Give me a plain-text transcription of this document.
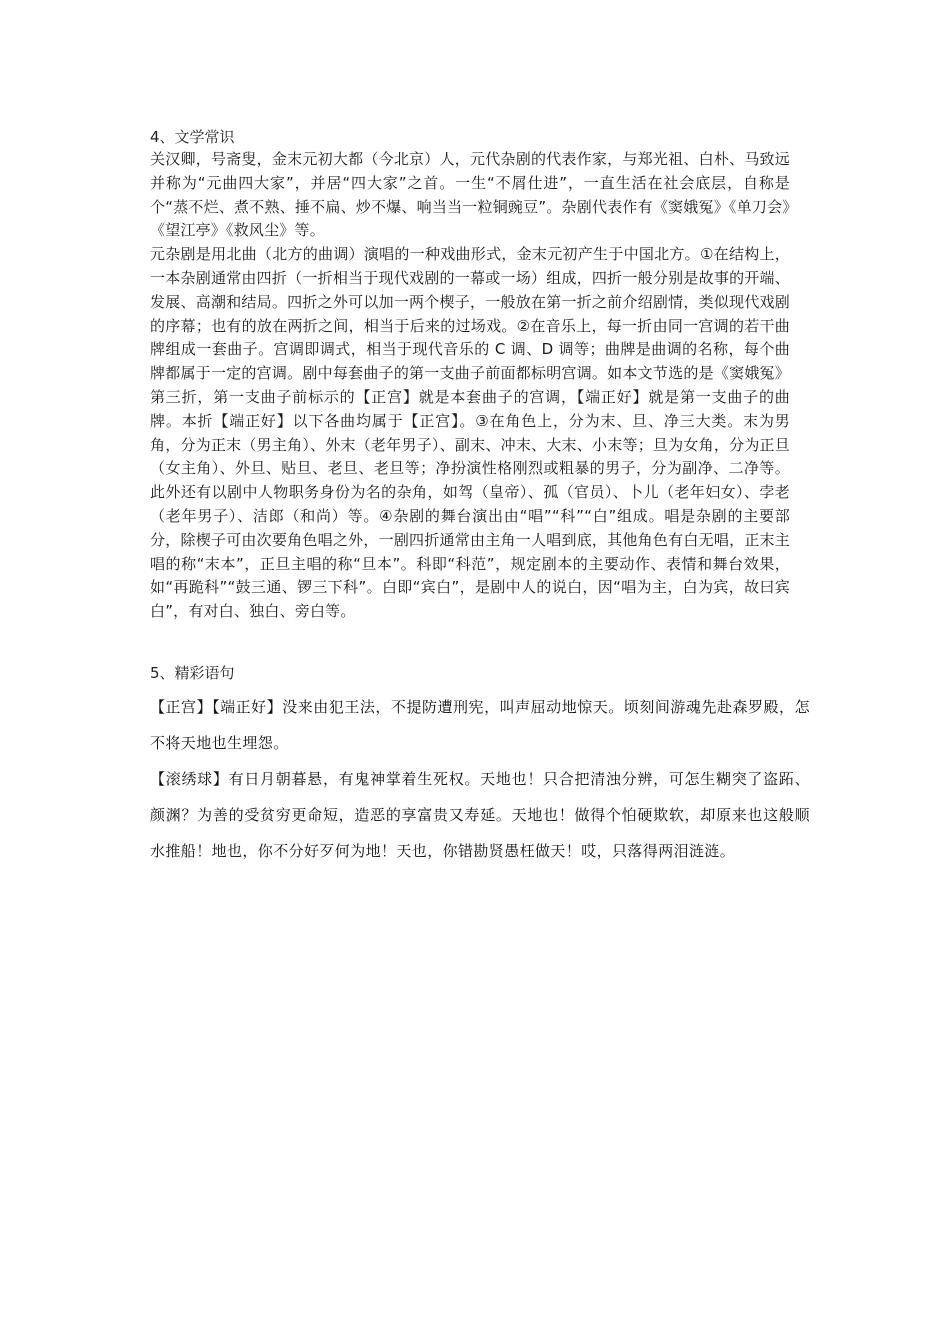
4、文学常识

关汉卿，号斋叟，金末元初大都（今北京）人，元代杂剧的代表作家，与郑光祖、白朴、马致远并称为“元曲四大家”，并居“四大家”之首。一生“不屑仕进”，一直生活在社会底层，自称是个“蒸不烂、煮不熟、捶不扁、炒不爆、响当当一粒铜豌豆”。杂剧代表作有《窦娥冤》《单刀会》《望江亭》《救风尘》等。

元杂剧是用北曲（北方的曲调）演唱的一种戏曲形式，金末元初产生于中国北方。①在结构上，一本杂剧通常由四折（一折相当于现代戏剧的一幕或一场）组成，四折一般分别是故事的开端、发展、高潮和结局。四折之外可以加一两个楔子，一般放在第一折之前介绍剧情，类似现代戏剧的序幕；也有的放在两折之间，相当于后来的过场戏。②在音乐上，每一折由同一宫调的若干曲牌组成一套曲子。宫调即调式，相当于现代音乐的 C 调、D 调等；曲牌是曲调的名称，每个曲牌都属于一定的宫调。剧中每套曲子的第一支曲子前面都标明宫调。如本文节选的是《窦娥冤》第三折，第一支曲子前标示的【正宫】就是本套曲子的宫调，【端正好】就是第一支曲子的曲牌。本折【端正好】以下各曲均属于【正宫】。③在角色上，分为末、旦、净三大类。末为男角，分为正末（男主角）、外末（老年男子）、副末、冲末、大末、小末等；旦为女角，分为正旦（女主角）、外旦、贴旦、老旦、老旦等；净扮演性格刚烈或粗暴的男子，分为副净、二净等。此外还有以剧中人物职务身份为名的杂角，如驾（皇帝）、孤（官员）、卜儿（老年妇女）、孛老（老年男子）、洁郎（和尚）等。④杂剧的舞台演出由“唱”“科”“白”组成。唱是杂剧的主要部分，除楔子可由次要角色唱之外，一剧四折通常由主角一人唱到底，其他角色有白无唱，正末主唱的称“末本”，正旦主唱的称“旦本”。科即“科范”，规定剧本的主要动作、表情和舞台效果，如“再跪科”“鼓三通、锣三下科”。白即“宾白”，是剧中人的说白，因“唱为主，白为宾，故曰宾白”，有对白、独白、旁白等。

5、精彩语句

【正宫】【端正好】没来由犯王法，不提防遭刑宪，叫声屈动地惊天。顷刻间游魂先赴森罗殿，怎不将天地也生埋怨。

【滚绣球】有日月朝暮悬，有鬼神掌着生死权。天地也！只合把清浊分辨，可怎生糊突了盗跖、颜渊？为善的受贫穷更命短，造恶的享富贵又寿延。天地也！做得个怕硬欺软，却原来也这般顺水推船！地也，你不分好歹何为地！天也，你错勘贤愚枉做天！哎，只落得两泪涟涟。
